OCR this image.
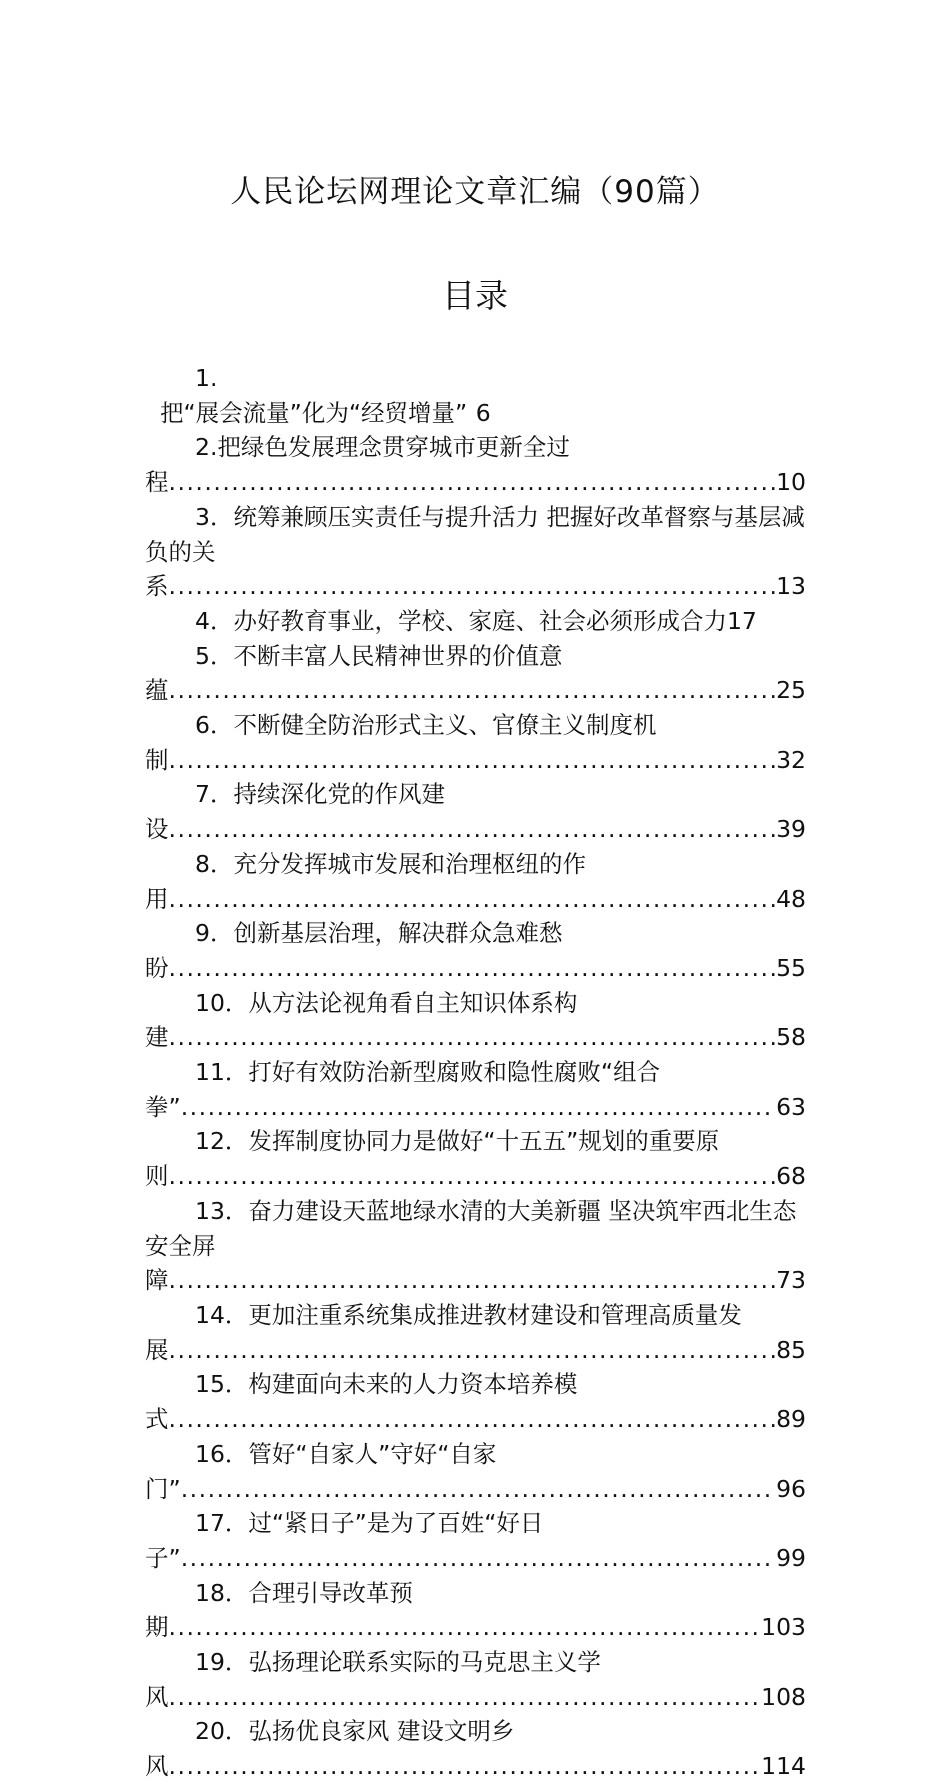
人民论坛网理论文章汇编（90篇）
目录
1.
把“展会流量”化为“经贸增量” 6
2.把绿色发展理念贯穿城市更新全过程 .....	10
3．统筹兼顾压实责任与提升活力 把握好改革督察与基层减负的关系 .....	13
4．办好教育事业，学校、家庭、社会必须形成合力17
5．不断丰富人民精神世界的价值意蕴 .....	25
6．不断健全防治形式主义、官僚主义制度机制 .....	32
7．持续深化党的作风建设 .....	39
8．充分发挥城市发展和治理枢纽的作用 .....	48
9．创新基层治理，解决群众急难愁盼 .....	55
10．从方法论视角看自主知识体系构建 .....	58
11．打好有效防治新型腐败和隐性腐败“组合拳” .....	63
12．发挥制度协同力是做好“十五五”规划的重要原则 .....	68
13．奋力建设天蓝地绿水清的大美新疆 坚决筑牢西北生态安全屏障 .....	73
14．更加注重系统集成推进教材建设和管理高质量发展 .....	85
15．构建面向未来的人力资本培养模式 .....	89
16．管好“自家人”守好“自家门” .....	96
17．过“紧日子”是为了百姓“好日子” .....	99
18．合理引导改革预期 .....	103
19．弘扬理论联系实际的马克思主义学风 .....	108
20．弘扬优良家风 建设文明乡风 .....	114
